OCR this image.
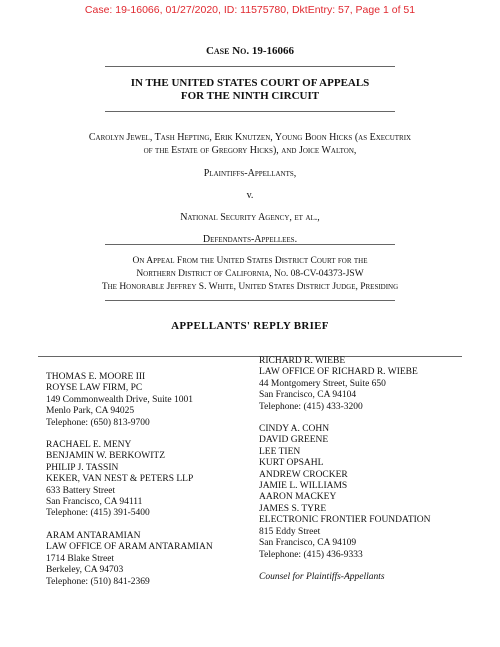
Case: 19-16066, 01/27/2020, ID: 11575780, DktEntry: 57, Page 1 of 51
Case No. 19-16066
IN THE UNITED STATES COURT OF APPEALS
FOR THE NINTH CIRCUIT
Carolyn Jewel, Tash Hepting, Erik Knutzen, Young Boon Hicks (as Executrix
of the Estate of Gregory Hicks), and Joice Walton,
Plaintiffs-Appellants,
v.
National Security Agency, et al.,
Defendants-Appellees.
On Appeal From the United States District Court for the
Northern District of California, No. 08-CV-04373-JSW
The Honorable Jeffrey S. White, United States District Judge, Presiding
APPELLANTS' REPLY BRIEF
THOMAS E. MOORE III
ROYSE LAW FIRM, PC
149 Commonwealth Drive, Suite 1001
Menlo Park, CA 94025
Telephone: (650) 813-9700
RACHAEL E. MENY
BENJAMIN W. BERKOWITZ
PHILIP J. TASSIN
KEKER, VAN NEST & PETERS LLP
633 Battery Street
San Francisco, CA 94111
Telephone: (415) 391-5400
ARAM ANTARAMIAN
LAW OFFICE OF ARAM ANTARAMIAN
1714 Blake Street
Berkeley, CA 94703
Telephone: (510) 841-2369
RICHARD R. WIEBE
LAW OFFICE OF RICHARD R. WIEBE
44 Montgomery Street, Suite 650
San Francisco, CA 94104
Telephone: (415) 433-3200
CINDY A. COHN
DAVID GREENE
LEE TIEN
KURT OPSAHL
ANDREW CROCKER
JAMIE L. WILLIAMS
AARON MACKEY
JAMES S. TYRE
ELECTRONIC FRONTIER FOUNDATION
815 Eddy Street
San Francisco, CA 94109
Telephone: (415) 436-9333
Counsel for Plaintiffs-Appellants
